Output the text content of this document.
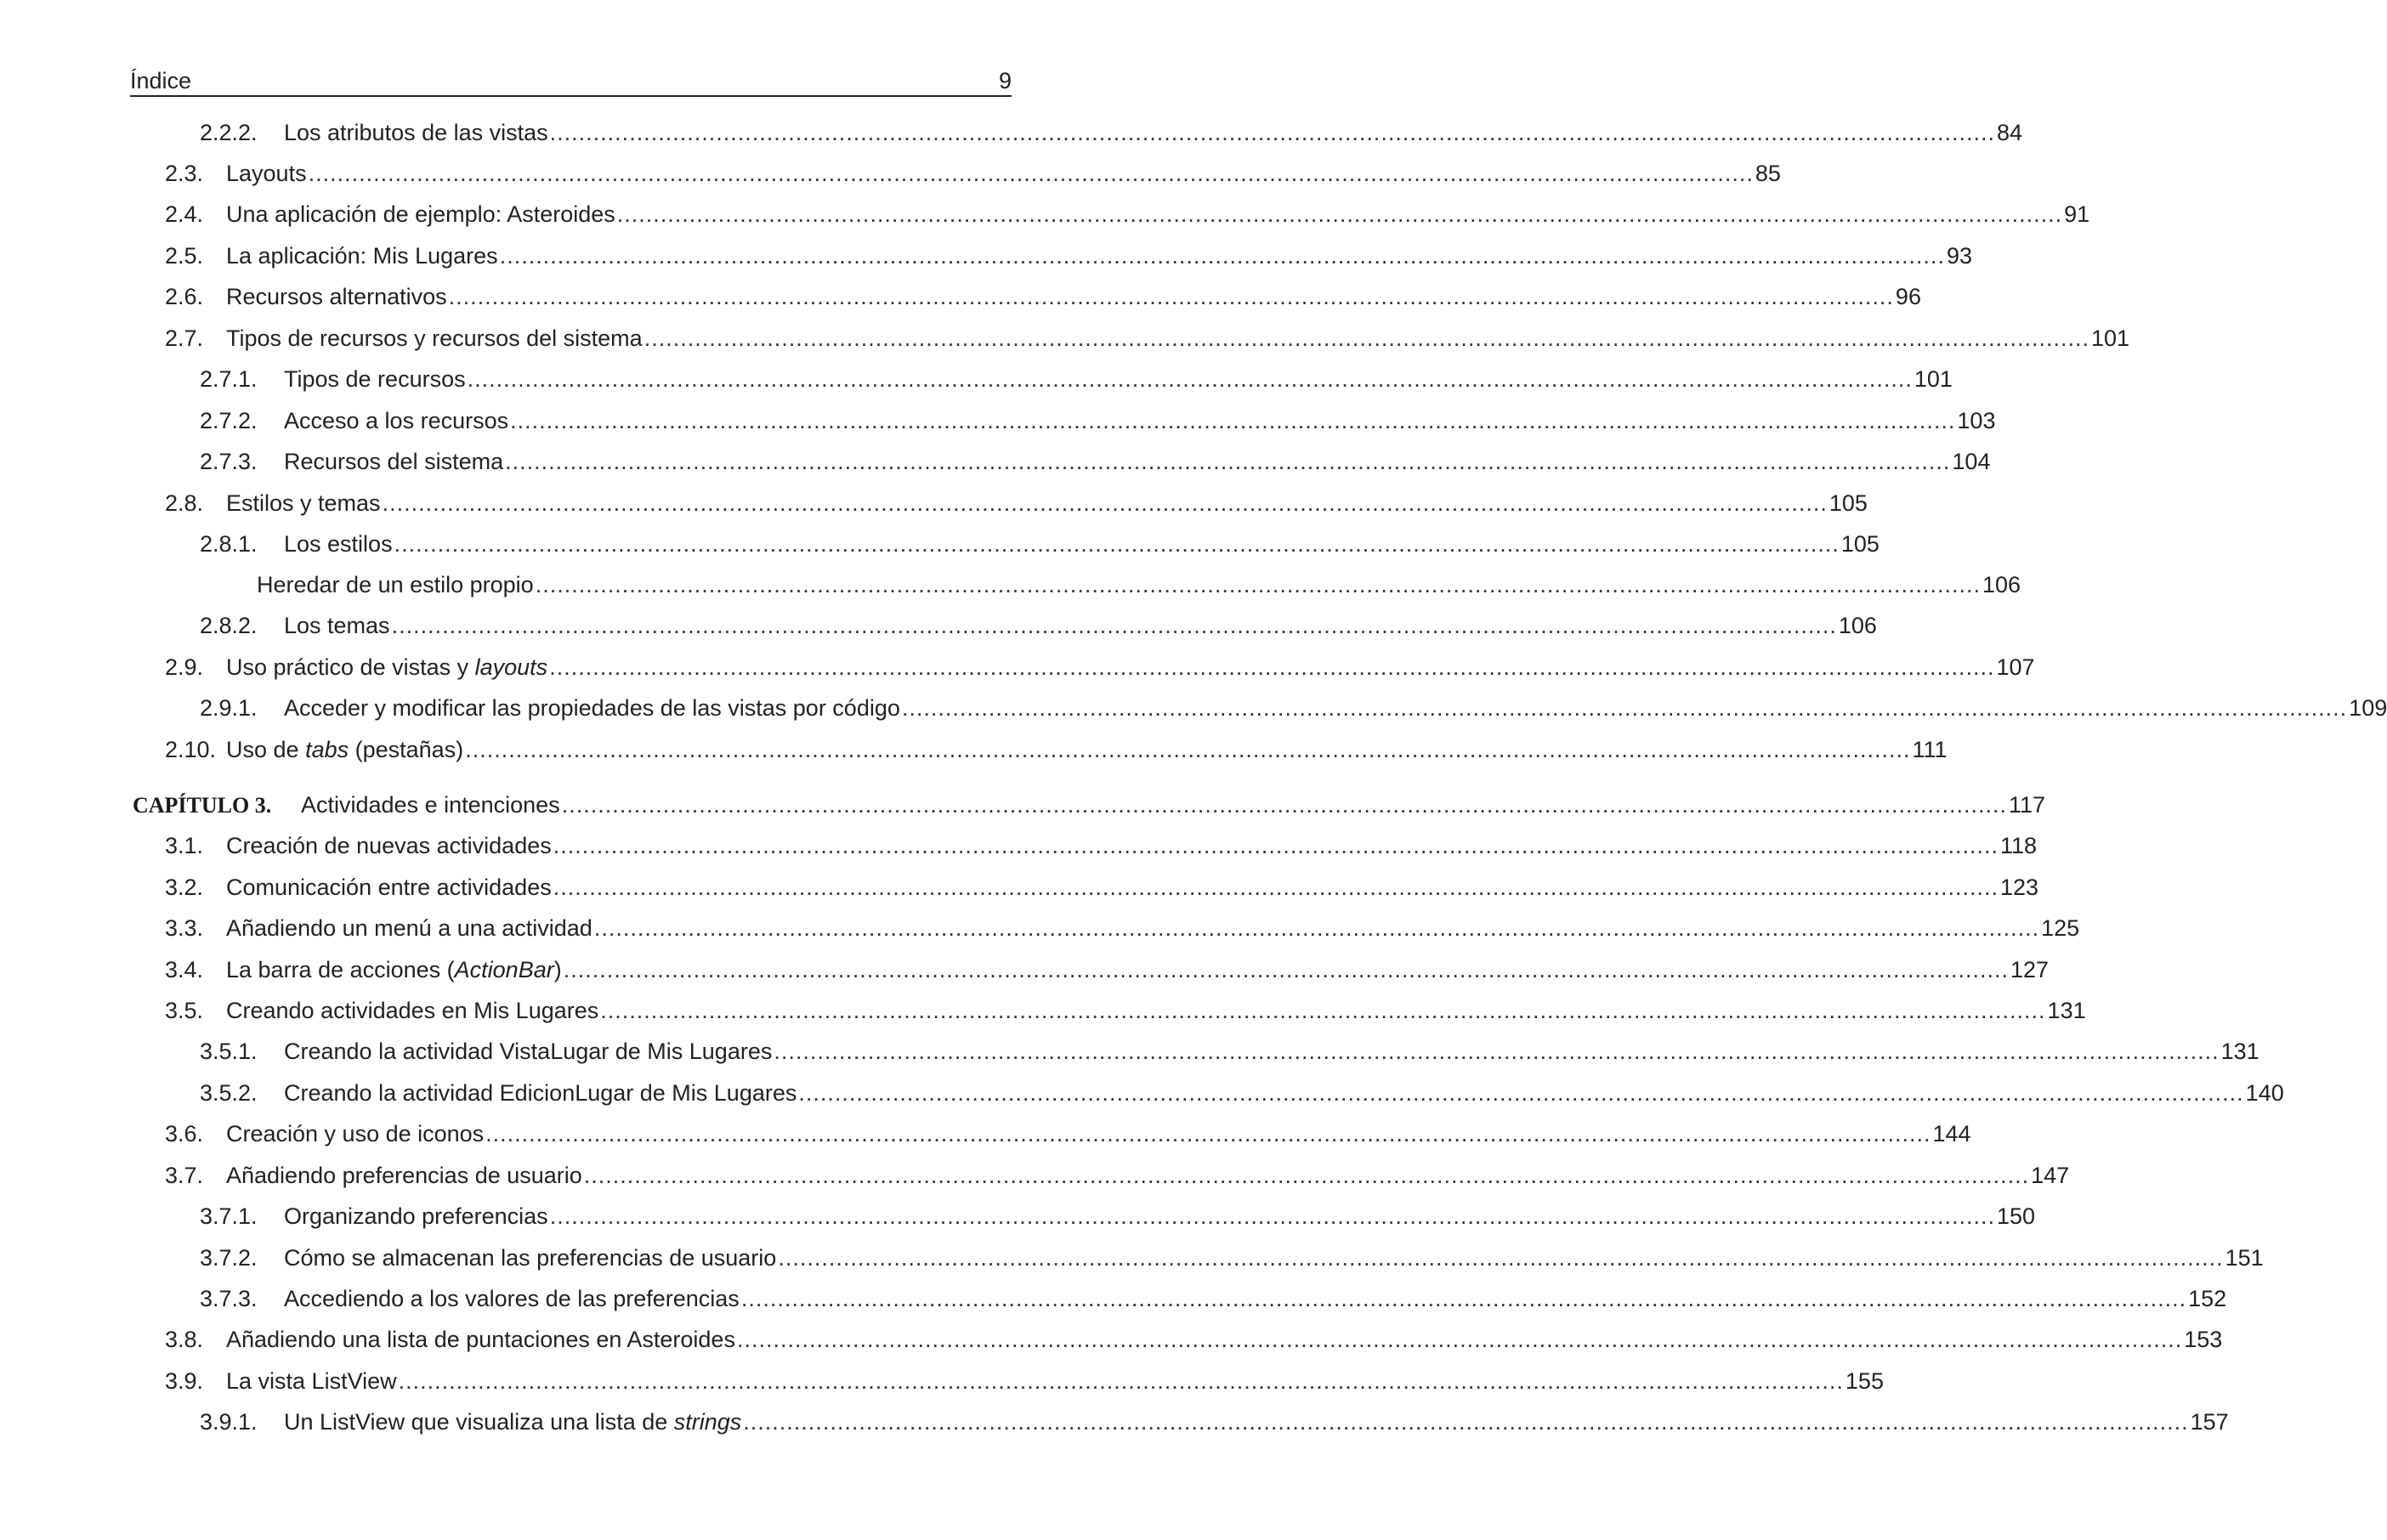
Índice	9
2.2.2.	Los atributos de las vistas ........................................................................................................................................................................................................ 84
2.3. Layouts ........................................................................................................................................................................................................ 85
2.4. Una aplicación de ejemplo: Asteroides ........................................................................................................................................................................................................ 91
2.5. La aplicación: Mis Lugares ........................................................................................................................................................................................................ 93
2.6. Recursos alternativos ........................................................................................................................................................................................................ 96
2.7. Tipos de recursos y recursos del sistema ........................................................................................................................................................................................................ 101
2.7.1.	Tipos de recursos ........................................................................................................................................................................................................ 101
2.7.2.	Acceso a los recursos ........................................................................................................................................................................................................ 103
2.7.3.	Recursos del sistema ........................................................................................................................................................................................................ 104
2.8. Estilos y temas ........................................................................................................................................................................................................ 105
2.8.1.	Los estilos ........................................................................................................................................................................................................ 105
Heredar de un estilo propio ........................................................................................................................................................................................................ 106
2.8.2.	Los temas ........................................................................................................................................................................................................ 106
2.9. Uso práctico de vistas y layouts ........................................................................................................................................................................................................ 107
2.9.1.	Acceder y modificar las propiedades de las vistas por código ........................................................................................................................................................................................................ 109
2.10. Uso de tabs (pestañas) ........................................................................................................................................................................................................ 111
CAPÍTULO 3.	Actividades e intenciones ........................................................................................................................................................................................................ 117
3.1. Creación de nuevas actividades ........................................................................................................................................................................................................ 118
3.2. Comunicación entre actividades ........................................................................................................................................................................................................ 123
3.3. Añadiendo un menú a una actividad ........................................................................................................................................................................................................ 125
3.4. La barra de acciones (ActionBar) ........................................................................................................................................................................................................ 127
3.5. Creando actividades en Mis Lugares ........................................................................................................................................................................................................ 131
3.5.1.	Creando la actividad VistaLugar de Mis Lugares ........................................................................................................................................................................................................ 131
3.5.2.	Creando la actividad EdicionLugar de Mis Lugares ........................................................................................................................................................................................................ 140
3.6. Creación y uso de iconos ........................................................................................................................................................................................................ 144
3.7. Añadiendo preferencias de usuario ........................................................................................................................................................................................................ 147
3.7.1.	Organizando preferencias ........................................................................................................................................................................................................ 150
3.7.2.	Cómo se almacenan las preferencias de usuario ........................................................................................................................................................................................................ 151
3.7.3.	Accediendo a los valores de las preferencias ........................................................................................................................................................................................................ 152
3.8. Añadiendo una lista de puntaciones en Asteroides ........................................................................................................................................................................................................ 153
3.9. La vista ListView ........................................................................................................................................................................................................ 155
3.9.1.	Un ListView que visualiza una lista de strings ........................................................................................................................................................................................................ 157
